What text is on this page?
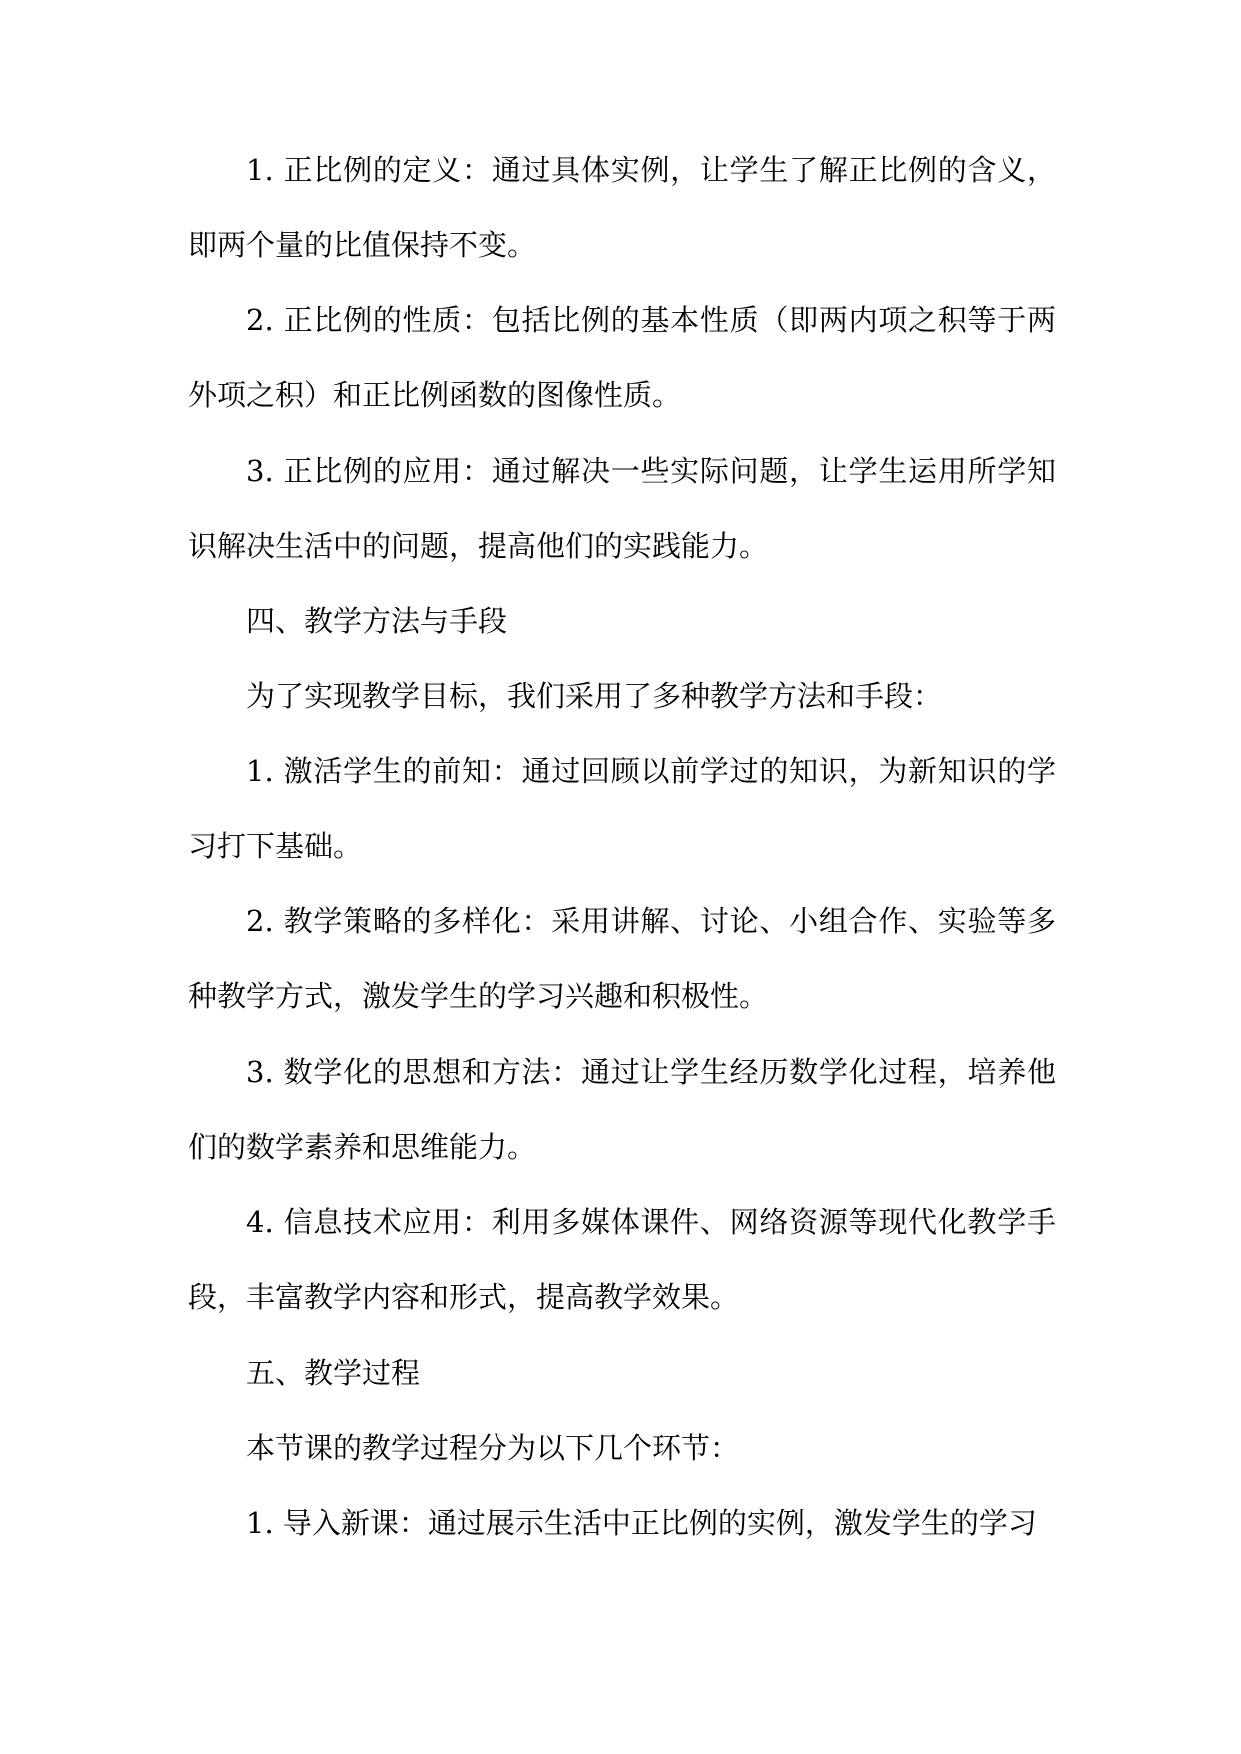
1. 正比例的定义：通过具体实例，让学生了解正比例的含义，即两个量的比值保持不变。

2. 正比例的性质：包括比例的基本性质（即两内项之积等于两外项之积）和正比例函数的图像性质。

3. 正比例的应用：通过解决一些实际问题，让学生运用所学知识解决生活中的问题，提高他们的实践能力。

四、教学方法与手段

为了实现教学目标，我们采用了多种教学方法和手段：

1. 激活学生的前知：通过回顾以前学过的知识，为新知识的学习打下基础。

2. 教学策略的多样化：采用讲解、讨论、小组合作、实验等多种教学方式，激发学生的学习兴趣和积极性。

3. 数学化的思想和方法：通过让学生经历数学化过程，培养他们的数学素养和思维能力。

4. 信息技术应用：利用多媒体课件、网络资源等现代化教学手段，丰富教学内容和形式，提高教学效果。

五、教学过程

本节课的教学过程分为以下几个环节：

1. 导入新课：通过展示生活中正比例的实例，激发学生的学习
